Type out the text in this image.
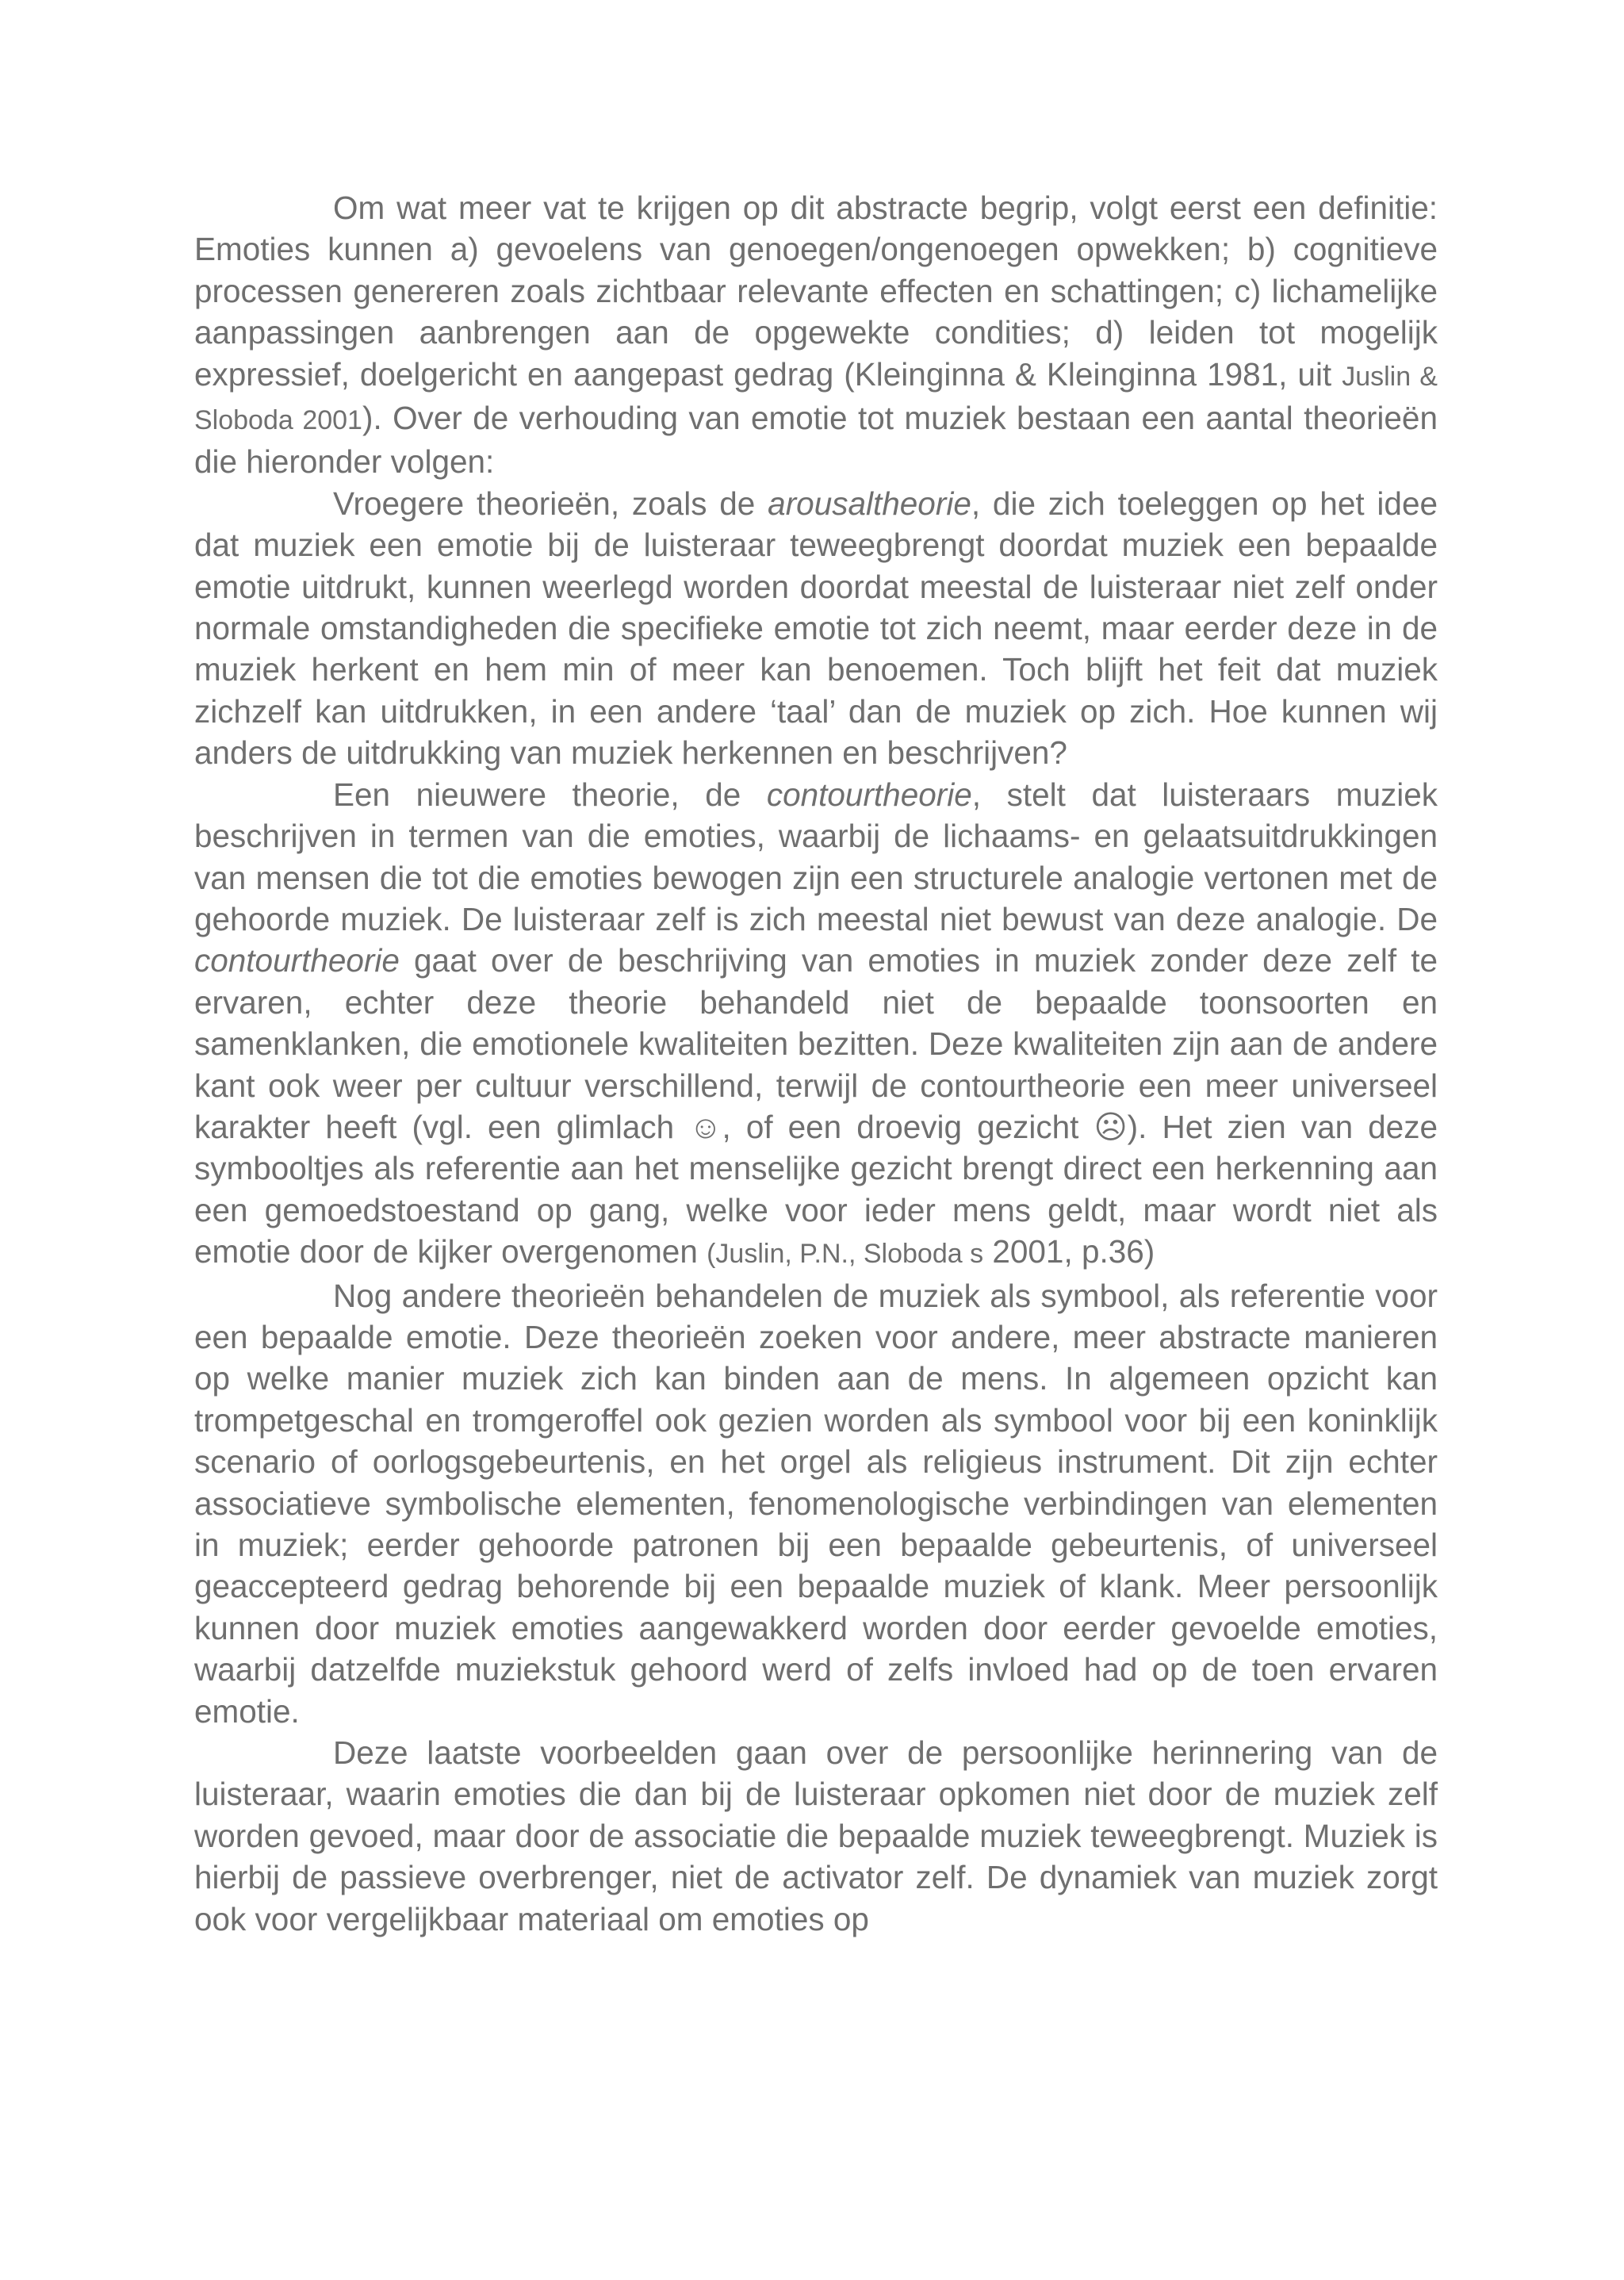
Om wat meer vat te krijgen op dit abstracte begrip, volgt eerst een definitie: Emoties kunnen a) gevoelens van genoegen/ongenoegen opwekken; b) cognitieve processen genereren zoals zichtbaar relevante effecten en schattingen; c) lichamelijke aanpassingen aanbrengen aan de opgewekte condities; d) leiden tot mogelijk expressief, doelgericht en aangepast gedrag (Kleinginna & Kleinginna 1981, uit Juslin & Sloboda 2001). Over de verhouding van emotie tot muziek bestaan een aantal theorieën die hieronder volgen:

Vroegere theorieën, zoals de arousaltheorie, die zich toeleggen op het idee dat muziek een emotie bij de luisteraar teweegbrengt doordat muziek een bepaalde emotie uitdrukt, kunnen weerlegd worden doordat meestal de luisteraar niet zelf onder normale omstandigheden die specifieke emotie tot zich neemt, maar eerder deze in de muziek herkent en hem min of meer kan benoemen. Toch blijft het feit dat muziek zichzelf kan uitdrukken, in een andere ‘taal’ dan de muziek op zich. Hoe kunnen wij anders de uitdrukking van muziek herkennen en beschrijven?

Een nieuwere theorie, de contourtheorie, stelt dat luisteraars muziek beschrijven in termen van die emoties, waarbij de lichaams- en gelaatsuitdrukkingen van mensen die tot die emoties bewogen zijn een structurele analogie vertonen met de gehoorde muziek. De luisteraar zelf is zich meestal niet bewust van deze analogie. De contourtheorie gaat over de beschrijving van emoties in muziek zonder deze zelf te ervaren, echter deze theorie behandeld niet de bepaalde toonsoorten en samenklanken, die emotionele kwaliteiten bezitten. Deze kwaliteiten zijn aan de andere kant ook weer per cultuur verschillend, terwijl de contourtheorie een meer universeel karakter heeft (vgl. een glimlach ☺, of een droevig gezicht ☹). Het zien van deze symbooltjes als referentie aan het menselijke gezicht brengt direct een herkenning aan een gemoedstoestand op gang, welke voor ieder mens geldt, maar wordt niet als emotie door de kijker overgenomen (Juslin, P.N., Sloboda s 2001, p.36)

Nog andere theorieën behandelen de muziek als symbool, als referentie voor een bepaalde emotie. Deze theorieën zoeken voor andere, meer abstracte manieren op welke manier muziek zich kan binden aan de mens. In algemeen opzicht kan trompetgeschal en tromgeroffel ook gezien worden als symbool voor bij een koninklijk scenario of oorlogsgebeurtenis, en het orgel als religieus instrument. Dit zijn echter associatieve symbolische elementen, fenomenologische verbindingen van elementen in muziek; eerder gehoorde patronen bij een bepaalde gebeurtenis, of universeel geaccepteerd gedrag behorende bij een bepaalde muziek of klank. Meer persoonlijk kunnen door muziek emoties aangewakkerd worden door eerder gevoelde emoties, waarbij datzelfde muziekstuk gehoord werd of zelfs invloed had op de toen ervaren emotie.

Deze laatste voorbeelden gaan over de persoonlijke herinnering van de luisteraar, waarin emoties die dan bij de luisteraar opkomen niet door de muziek zelf worden gevoed, maar door de associatie die bepaalde muziek teweegbrengt. Muziek is hierbij de passieve overbrenger, niet de activator zelf. De dynamiek van muziek zorgt ook voor vergelijkbaar materiaal om emoties op
